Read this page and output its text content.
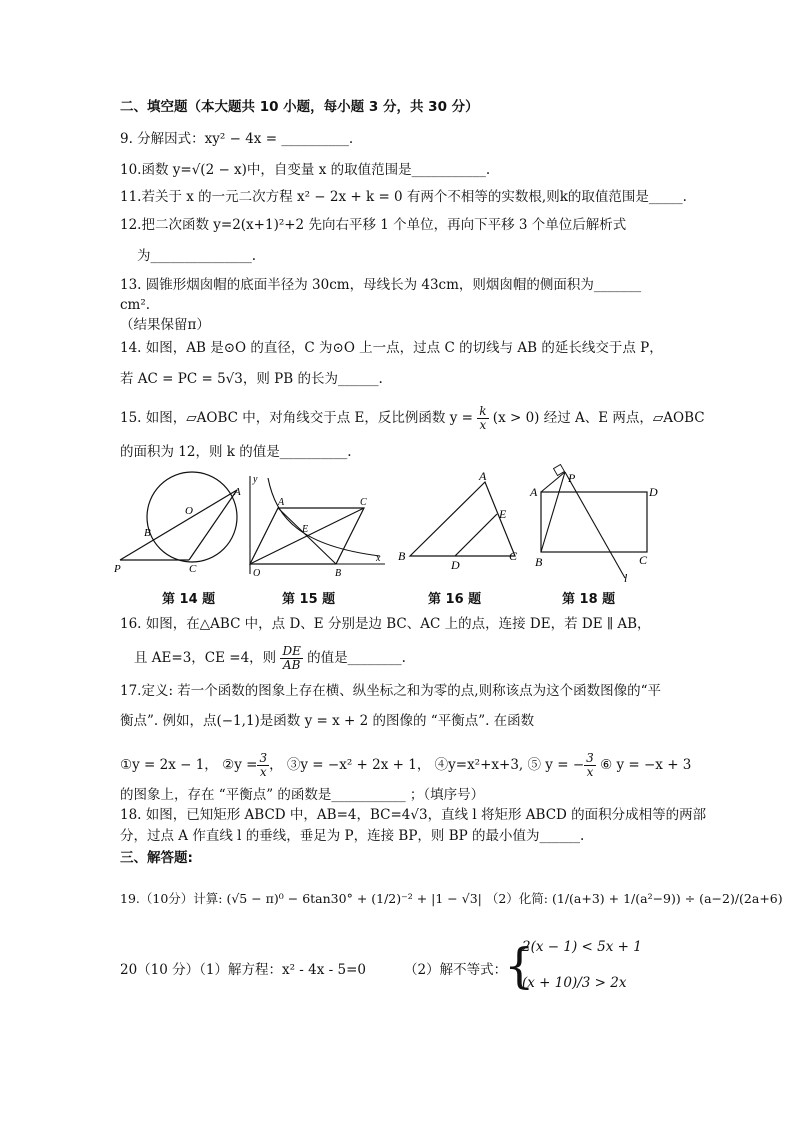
二、填空题（本大题共 10 小题，每小题 3 分，共 30 分）
9. 分解因式：xy² − 4x = __________.
10.函数 y=√(2 − x)中，自变量 x 的取值范围是___________.
11.若关于 x 的一元二次方程 x² − 2x + k = 0 有两个不相等的实数根,则k的取值范围是_____.
12.把二次函数 y=2(x+1)²+2 先向右平移 1 个单位，再向下平移 3 个单位后解析式
为_______________.
13. 圆锥形烟囱帽的底面半径为 30cm，母线长为 43cm，则烟囱帽的侧面积为_______
cm².
（结果保留π）
14. 如图，AB 是⊙O 的直径，C 为⊙O 上一点，过点 C 的切线与 AB 的延长线交于点 P，
若 AC = PC = 5√3，则 PB 的长为______.
15. 如图，▱AOBC 中，对角线交于点 E，反比例函数 $y = \frac{k}{x} (x > 0)$ 经过 A、E 两点，▱AOBC
的面积为 12，则 k 的值是__________.
A
O
B
P	C
y
A	C
E
O	B
x
A
E
B
D
C
A
P
D
B	C
l
第 14 题	第 15 题	第 16 题	第 18 题
16. 如图，在△ABC 中，点 D、E 分别是边 BC、AC 上的点，连接 DE，若 DE ∥ AB，
且 AE=3，CE =4，则 $\frac{DE}{AB}$ 的值是________.
17.定义: 若一个函数的图象上存在横、纵坐标之和为零的点,则称该点为这个函数图像的“平
衡点”. 例如，点(−1,1)是函数 y = x + 2 的图像的 “平衡点”. 在函数
①y = 2x − 1， ②y = $\frac{3}{x}$ ， ③y = −x² + 2x + 1， ④y=x²+x+3, ⑤ y = − $\frac{3}{x}$ ⑥ y = −x + 3
的图象上，存在 “平衡点” 的函数是___________ ；（填序号）
18. 如图，已知矩形 ABCD 中，AB=4，BC=4√3，直线 l 将矩形 ABCD 的面积分成相等的两部
分，过点 A 作直线 l 的垂线，垂足为 P，连接 BP，则 BP 的最小值为______.
三、解答题:
19.（10分）计算: (√5 − π)⁰ − 6tan30° + (1/2)⁻² + |1 − √3| （2）化简: (1/(a+3) + 1/(a²−9)) ÷ (a−2)/(2a+6)
20（10 分）（1）解方程：x² - 4x - 5=0	（2）解不等式：
{
2(x − 1) < 5x + 1
(x + 10)/3 > 2x
